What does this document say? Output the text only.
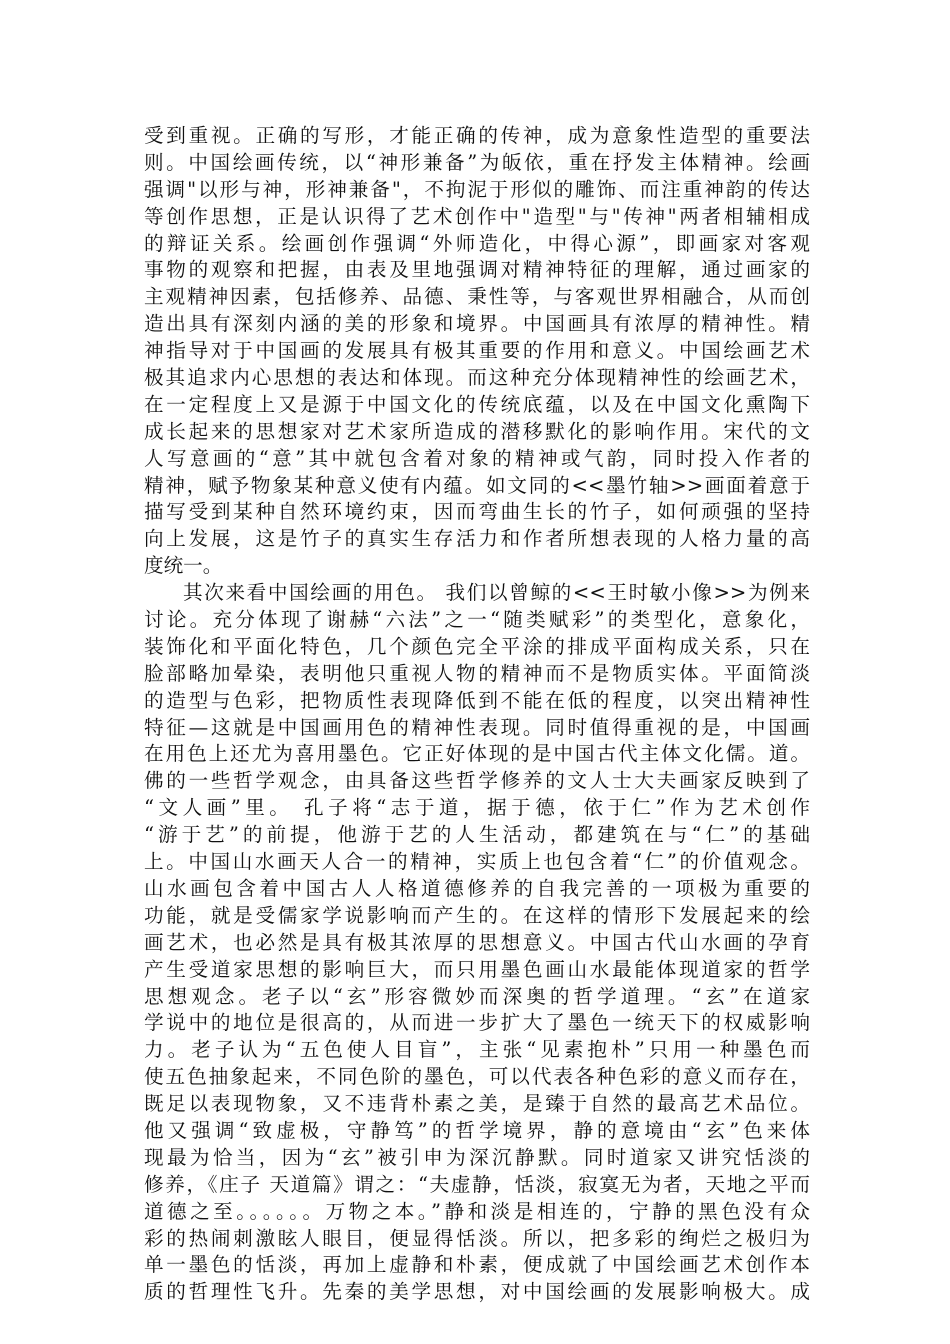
受到重视。正确的写形，才能正确的传神，成为意象性造型的重要法
则。中国绘画传统，以“神形兼备”为皈依，重在抒发主体精神。绘画
强调"以形与神，形神兼备"，不拘泥于形似的雕饰、而注重神韵的传达
等创作思想，正是认识得了艺术创作中"造型"与"传神"两者相辅相成
的辩证关系。绘画创作强调“外师造化，中得心源”，即画家对客观
事物的观察和把握，由表及里地强调对精神特征的理解，通过画家的
主观精神因素，包括修养、品德、秉性等，与客观世界相融合，从而创
造出具有深刻内涵的美的形象和境界。中国画具有浓厚的精神性。精
神指导对于中国画的发展具有极其重要的作用和意义。中国绘画艺术
极其追求内心思想的表达和体现。而这种充分体现精神性的绘画艺术，
在一定程度上又是源于中国文化的传统底蕴，以及在中国文化熏陶下
成长起来的思想家对艺术家所造成的潜移默化的影响作用。宋代的文
人写意画的“意”其中就包含着对象的精神或气韵，同时投入作者的
精神，赋予物象某种意义使有内蕴。如文同的<<墨竹轴>>画面着意于
描写受到某种自然环境约束，因而弯曲生长的竹子，如何顽强的坚持
向上发展，这是竹子的真实生存活力和作者所想表现的人格力量的高
度统一。
其次来看中国绘画的用色。 我们以曾鲸的<<王时敏小像>>为例来
讨论。充分体现了谢赫“六法”之一“随类赋彩”的类型化，意象化，
装饰化和平面化特色，几个颜色完全平涂的排成平面构成关系，只在
脸部略加晕染，表明他只重视人物的精神而不是物质实体。平面简淡
的造型与色彩，把物质性表现降低到不能在低的程度，以突出精神性
特征—这就是中国画用色的精神性表现。同时值得重视的是，中国画
在用色上还尤为喜用墨色。它正好体现的是中国古代主体文化儒。道。
佛的一些哲学观念，由具备这些哲学修养的文人士大夫画家反映到了
“文人画”里。 孔子将“志于道，据于德，依于仁”作为艺术创作
“游于艺”的前提，他游于艺的人生活动，都建筑在与“仁”的基础
上。中国山水画天人合一的精神，实质上也包含着“仁”的价值观念。
山水画包含着中国古人人格道德修养的自我完善的一项极为重要的
功能，就是受儒家学说影响而产生的。在这样的情形下发展起来的绘
画艺术，也必然是具有极其浓厚的思想意义。中国古代山水画的孕育
产生受道家思想的影响巨大，而只用墨色画山水最能体现道家的哲学
思想观念。老子以“玄”形容微妙而深奥的哲学道理。“玄”在道家
学说中的地位是很高的，从而进一步扩大了墨色一统天下的权威影响
力。老子认为“五色使人目盲”，主张“见素抱朴”只用一种墨色而
使五色抽象起来，不同色阶的墨色，可以代表各种色彩的意义而存在，
既足以表现物象，又不违背朴素之美，是臻于自然的最高艺术品位。
他又强调“致虚极，守静笃”的哲学境界，静的意境由“玄”色来体
现最为恰当，因为“玄”被引申为深沉静默。同时道家又讲究恬淡的
修养，《庄子 天道篇》谓之：“夫虚静，恬淡，寂寞无为者，天地之平而
道德之至。。。。。。万物之本。”静和淡是相连的，宁静的黑色没有众
彩的热闹刺激眩人眼目，便显得恬淡。所以，把多彩的绚烂之极归为
单一墨色的恬淡，再加上虚静和朴素，便成就了中国绘画艺术创作本
质的哲理性飞升。先秦的美学思想，对中国绘画的发展影响极大。成
